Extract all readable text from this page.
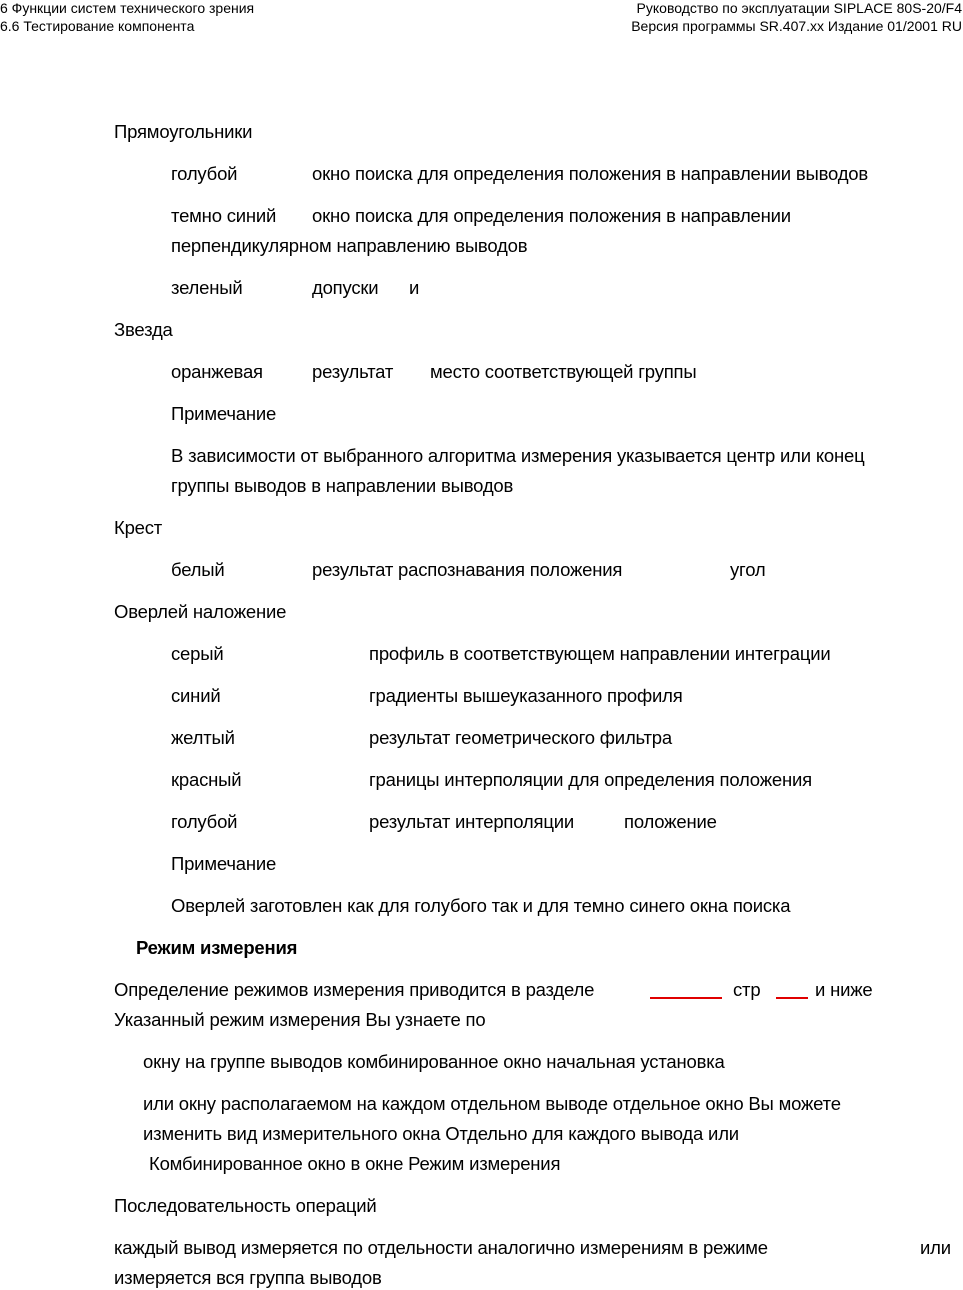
6 Функции систем технического зрения
6.6 Тестирование компонента
Руководство по эксплуатации SIPLACE 80S-20/F4
Версия программы SR.407.xx Издание 01/2001 RU
Прямоугольники
голубой	окно поиска для определения положения в направлении выводов
темно синий окно поиска для определения положения в направлении
перпендикулярном направлению выводов
зеленый	допуски и
Звезда
оранжевая	результат место соответствующей группы
Примечание
В зависимости от выбранного алгоритма измерения указывается центр или конец
группы выводов в направлении выводов
Крест
белый	результат распознавания положения	угол
Оверлей наложение
серый	профиль в соответствующем направлении интеграции
синий	градиенты вышеуказанного профиля
желтый	результат геометрического фильтра
красный	границы интерполяции для определения положения
голубой	результат интерполяции	положение
Примечание
Оверлей заготовлен как для голубого так и для темно синего окна поиска
Режим измерения
Определение режимов измерения приводится в разделе	стр	и ниже
Указанный режим измерения Вы узнаете по
окну на группе выводов комбинированное окно начальная установка
или окну располагаемом на каждом отдельном выводе отдельное окно Вы можете
изменить вид измерительного окна Отдельно для каждого вывода или
Комбинированное окно в окне Режим измерения
Последовательность операций
каждый вывод измеряется по отдельности аналогично измерениям в режиме	или
измеряется вся группа выводов
